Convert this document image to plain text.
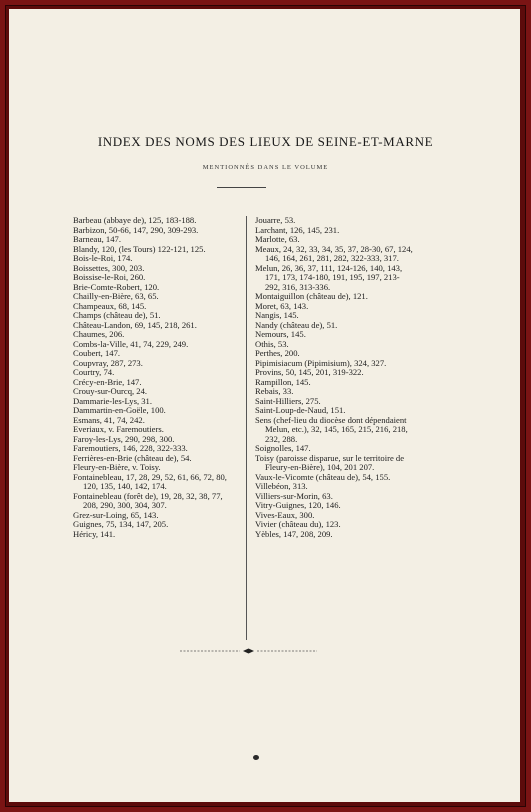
INDEX DES NOMS DES LIEUX DE SEINE-ET-MARNE
MENTIONNÉS DANS LE VOLUME

Barbeau (abbaye de), 125, 183-188.

Barbizon, 50-66, 147, 290, 309-293.

Barneau, 147.

Blandy, 120, (les Tours) 122-121, 125.

Bois-le-Roi, 174.

Boissettes, 300, 203.

Boissise-le-Roi, 260.

Brie-Comte-Robert, 120.

Chailly-en-Bière, 63, 65.

Champeaux, 68, 145.

Champs (château de), 51.

Château-Landon, 69, 145, 218, 261.

Chaumes, 206.

Combs-la-Ville, 41, 74, 229, 249.

Coubert, 147.

Coupvray, 287, 273.

Courtry, 74.

Crécy-en-Brie, 147.

Crouy-sur-Ourcq, 24.

Dammarie-les-Lys, 31.

Dammartin-en-Goële, 100.

Esmans, 41, 74, 242.

Everiaux, v. Faremoutiers.

Faroy-les-Lys, 290, 298, 300.

Faremoutiers, 146, 228, 322-333.

Ferrières-en-Brie (château de), 54.

Fleury-en-Bière, v. Toisy.

Fontainebleau, 17, 28, 29, 52, 61, 66, 72, 80, 120, 135, 140, 142, 174.

Fontainebleau (forêt de), 19, 28, 32, 38, 77, 208, 290, 300, 304, 307.

Grez-sur-Loing, 65, 143.

Guignes, 75, 134, 147, 205.

Héricy, 141.

Jouarre, 53.

Larchant, 126, 145, 231.

Marlotte, 63.

Meaux, 24, 32, 33, 34, 35, 37, 28-30, 67, 124, 146, 164, 261, 281, 282, 322-333, 317.

Melun, 26, 36, 37, 111, 124-126, 140, 143, 171, 173, 174-180, 191, 195, 197, 213-292, 316, 313-336.

Montaiguillon (château de), 121.

Moret, 63, 143.

Nangis, 145.

Nandy (château de), 51.

Nemours, 145.

Othis, 53.

Perthes, 200.

Pipimisiacum (Pipimisium), 324, 327.

Provins, 50, 145, 201, 319-322.

Rampillon, 145.

Rebais, 33.

Saint-Hilliers, 275.

Saint-Loup-de-Naud, 151.

Sens (chef-lieu du diocèse dont dépendaient Melun, etc.), 32, 145, 165, 215, 216, 218, 232, 288.

Soignolles, 147.

Toisy (paroisse disparue, sur le territoire de Fleury-en-Bière), 104, 201 207.

Vaux-le-Vicomte (château de), 54, 155.

Villebéon, 313.

Villiers-sur-Morin, 63.

Vitry-Guignes, 120, 146.

Vives-Eaux, 300.

Vivier (château du), 123.

Yèbles, 147, 208, 209.
